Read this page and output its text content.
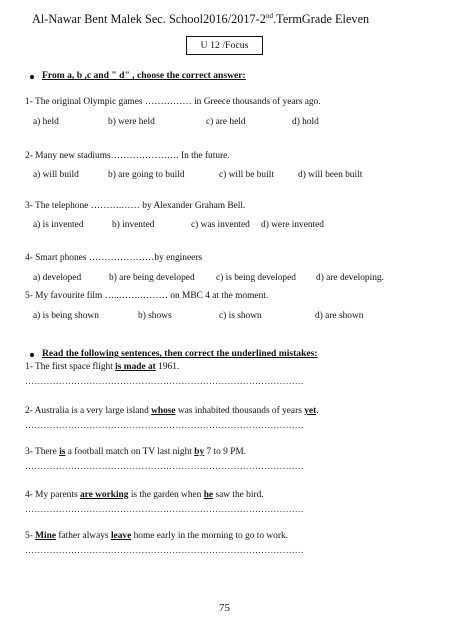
Al-Nawar Bent Malek Sec. School2016/2017-2nd.TermGrade Eleven
U 12 /Focus
From a, b ,c and " d" , choose the correct answer:
1- The original Olympic games …………… in Greece thousands of years ago.
a) held	b) were held	c) are held	d) hold
2- Many new stadiums…………………. In the future.
a) will build	b) are going to build	c) will be built	d) will been built
3- The telephone ……….…… by Alexander Graham Bell.
a) is invented	b) invented	c) was invented d) were invented
4- Smart phones …………………by engineers
a) developed	b) are being developed c) is being developed d) are developing.
5- My favourite film …..…….……… on MBC 4 at the moment.
a) is being shown	b) shows	c) is shown	d) are shown
Read the following sentences, then correct the underlined mistakes:
1- The first space flight is made at 1961.
……………………………………………………………………………….
2- Australia is a very large island whose was inhabited thousands of years yet.
……………………………………………………………………………….
3- There is a football match on TV last night by 7 to 9 PM.
……………………………………………………………………………….
4- My parents are working is the garden when he saw the bird.
……………………………………………………………………………….
5- Mine father always leave home early in the morning to go to work.
……………………………………………………………………………….
75
